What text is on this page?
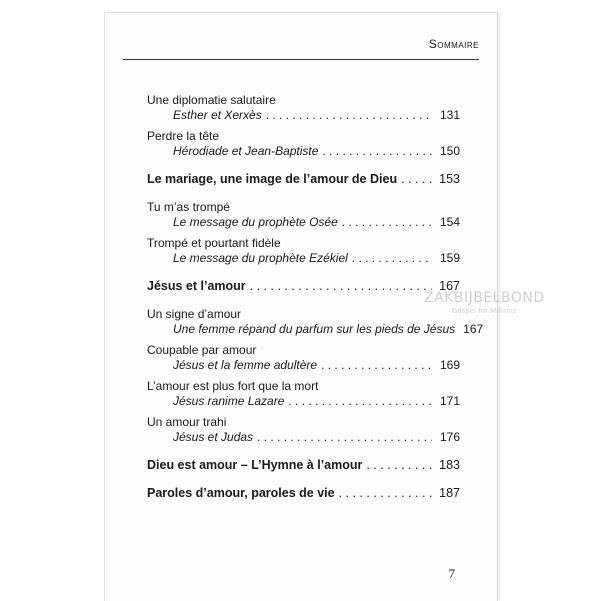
Sommaire
Une diplomatie salutaire
Esther et Xerxès . . .	131
Perdre la tête
Hérodiade et Jean-Baptiste . . .	150
Le mariage, une image de l’amour de Dieu . . .	153
Tu m’as trompé
Le message du prophète Osée . . .	154
Trompé et pourtant fidèle
Le message du prophète Ezékiel . . .	159
Jésus et l’amour . . .	167
Un signe d’amour
Une femme répand du parfum sur les pieds de Jésus 167
Coupable par amour
Jésus et la femme adultère . . .	169
L’amour est plus fort que la mort
Jésus ranime Lazare . . .	171
Un amour trahi
Jésus et Judas . . .	176
Dieu est amour – L’Hymne à l’amour . . .	183
Paroles d’amour, paroles de vie . . .	187
7
ZAKBIJBELBOND
Gospel for Millions
